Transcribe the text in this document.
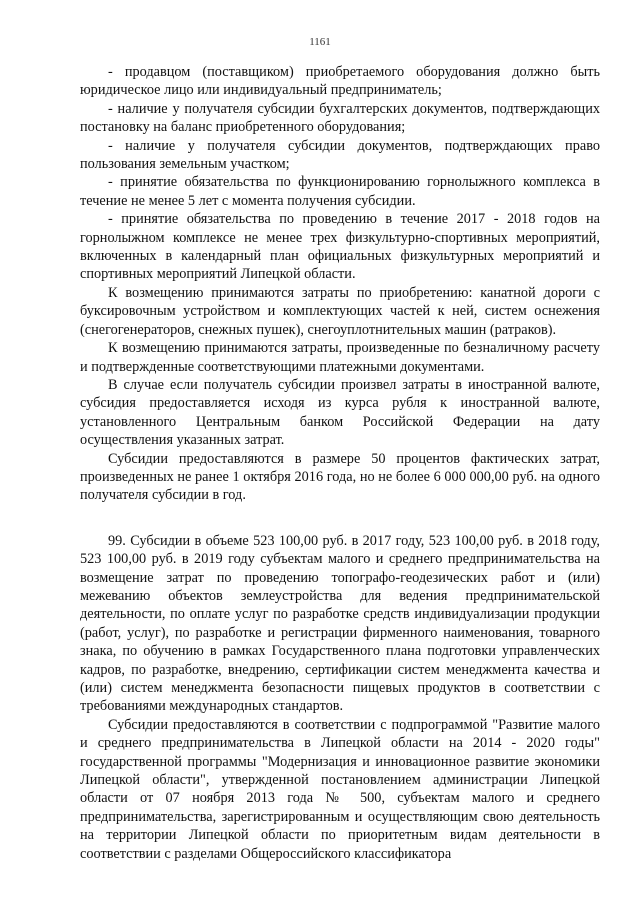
1161

- продавцом (поставщиком) приобретаемого оборудования должно быть юридическое лицо или индивидуальный предприниматель;

- наличие у получателя субсидии бухгалтерских документов, подтверждающих постановку на баланс приобретенного оборудования;

- наличие у получателя субсидии документов, подтверждающих право пользования земельным участком;

- принятие обязательства по функционированию горнолыжного комплекса в течение не менее 5 лет с момента получения субсидии.

- принятие обязательства по проведению в течение 2017 - 2018 годов на горнолыжном комплексе не менее трех физкультурно-спортивных мероприятий, включенных в календарный план официальных физкультурных мероприятий и спортивных мероприятий Липецкой области.

К возмещению принимаются затраты по приобретению: канатной дороги с буксировочным устройством и комплектующих частей к ней, систем оснежения (снегогенераторов, снежных пушек), снегоуплотнительных машин (ратраков).

К возмещению принимаются затраты, произведенные по безналичному расчету и подтвержденные соответствующими платежными документами.

В случае если получатель субсидии произвел затраты в иностранной валюте, субсидия предоставляется исходя из курса рубля к иностранной валюте, установленного Центральным банком Российской Федерации на дату осуществления указанных затрат.

Субсидии предоставляются в размере 50 процентов фактических затрат, произведенных не ранее 1 октября 2016 года, но не более 6 000 000,00 руб. на одного получателя субсидии в год.

99. Субсидии в объеме 523 100,00 руб. в 2017 году, 523 100,00 руб. в 2018 году, 523 100,00 руб. в 2019 году субъектам малого и среднего предпринимательства на возмещение затрат по проведению топографо-геодезических работ и (или) межеванию объектов землеустройства для ведения предпринимательской деятельности, по оплате услуг по разработке средств индивидуализации продукции (работ, услуг), по разработке и регистрации фирменного наименования, товарного знака, по обучению в рамках Государственного плана подготовки управленческих кадров, по разработке, внедрению, сертификации систем менеджмента качества и (или) систем менеджмента безопасности пищевых продуктов в соответствии с требованиями международных стандартов.

Субсидии предоставляются в соответствии с подпрограммой "Развитие малого и среднего предпринимательства в Липецкой области на 2014 - 2020 годы" государственной программы "Модернизация и инновационное развитие экономики Липецкой области", утвержденной постановлением администрации Липецкой области от 07 ноября 2013 года № 500, субъектам малого и среднего предпринимательства, зарегистрированным и осуществляющим свою деятельность на территории Липецкой области по приоритетным видам деятельности в соответствии с разделами Общероссийского классификатора
